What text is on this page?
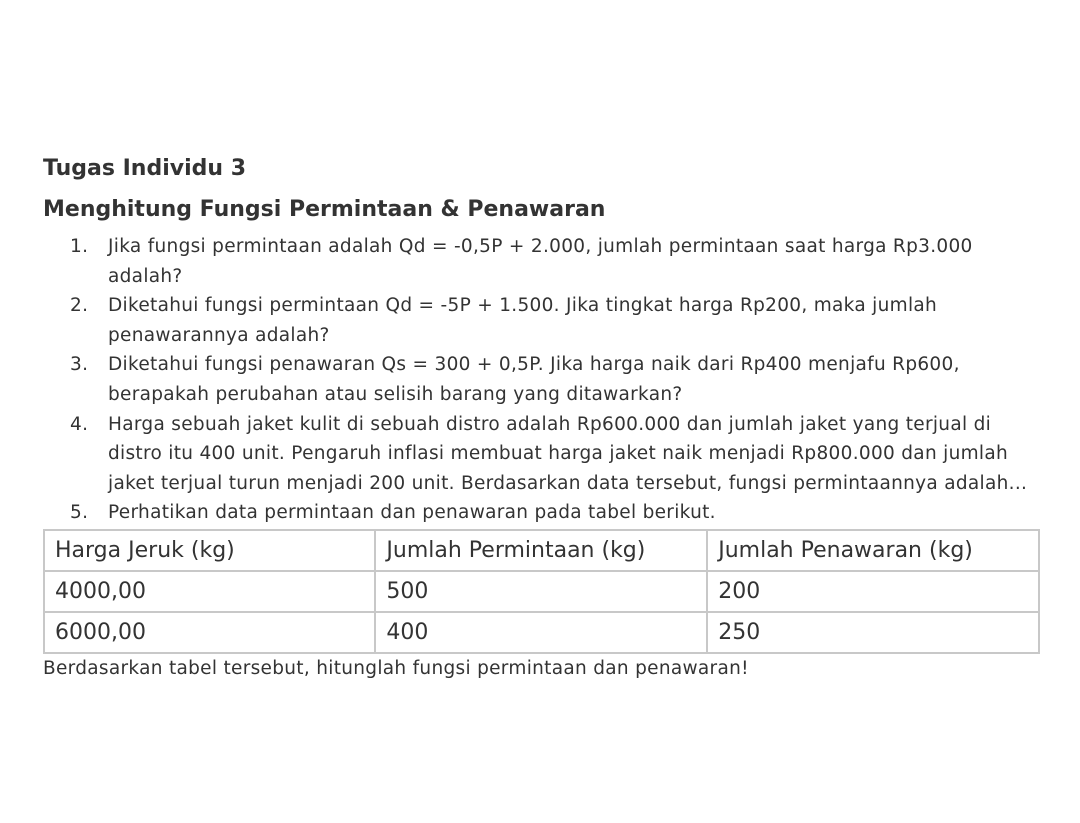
Tugas Individu 3
Menghitung Fungsi Permintaan & Penawaran
1. Jika fungsi permintaan adalah Qd = -0,5P + 2.000, jumlah permintaan saat harga Rp3.000 adalah?
2. Diketahui fungsi permintaan Qd = -5P + 1.500. Jika tingkat harga Rp200, maka jumlah penawarannya adalah?
3. Diketahui fungsi penawaran Qs = 300 + 0,5P. Jika harga naik dari Rp400 menjafu Rp600, berapakah perubahan atau selisih barang yang ditawarkan?
4. Harga sebuah jaket kulit di sebuah distro adalah Rp600.000 dan jumlah jaket yang terjual di distro itu 400 unit. Pengaruh inflasi membuat harga jaket naik menjadi Rp800.000 dan jumlah jaket terjual turun menjadi 200 unit. Berdasarkan data tersebut, fungsi permintaannya adalah...
5. Perhatikan data permintaan dan penawaran pada tabel berikut.
Harga Jeruk (kg)	Jumlah Permintaan (kg)	Jumlah Penawaran (kg)
4000,00	500	200
6000,00	400	250

Berdasarkan tabel tersebut, hitunglah fungsi permintaan dan penawaran!
